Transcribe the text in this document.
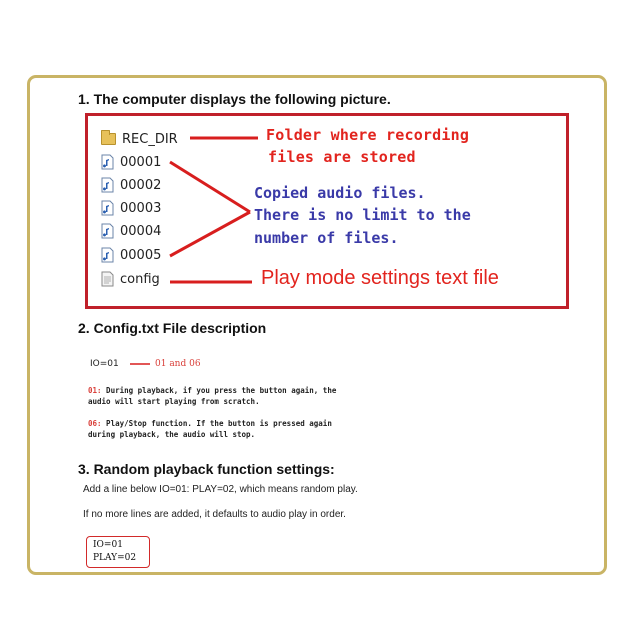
1. The computer displays the following picture.
REC_DIR
00001
00002
00003
00004
00005
config
Folder where recording
files are stored
Copied audio files.
There is no limit to the
number of files.
Play mode settings text file
2. Config.txt File description
IO=01	01 and 06
01: During playback, if you press the button again, the
audio will start playing from scratch.
06: Play/Stop function. If the button is pressed again
during playback, the audio will stop.
3. Random playback function settings:
Add a line below IO=01: PLAY=02, which means random play.
If no more lines are added, it defaults to audio play in order.
IO=01
PLAY=02
